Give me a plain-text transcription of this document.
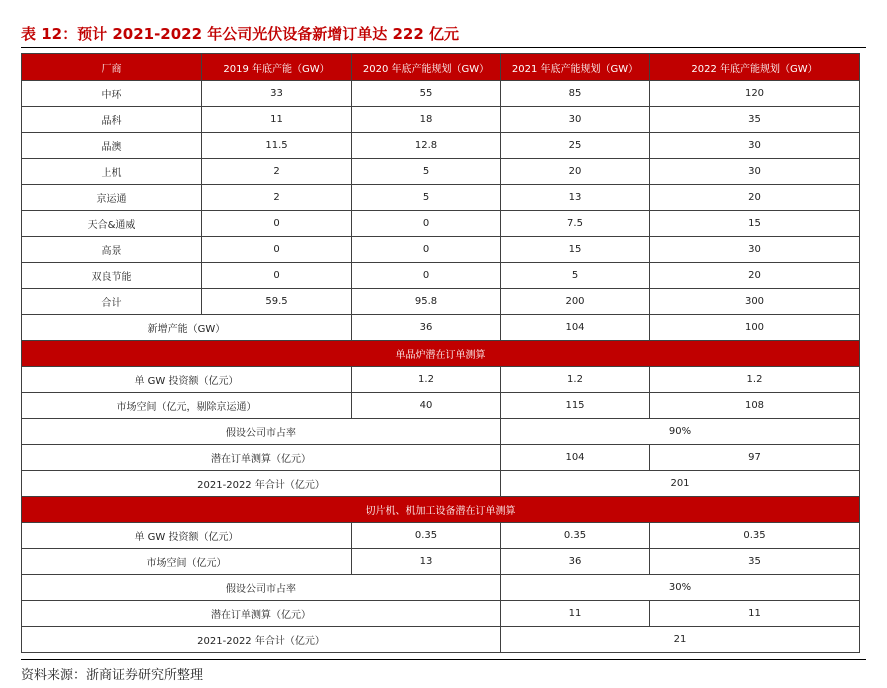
表 12：预计 2021-2022 年公司光伏设备新增订单达 222 亿元
厂商	2019 年底产能（GW）	2020 年底产能规划（GW）	2021 年底产能规划（GW）	2022 年底产能规划（GW）
中环	33	55	85	120
晶科	11	18	30	35
晶澳	11.5	12.8	25	30
上机	2	5	20	30
京运通	2	5	13	20
天合&通威	0	0	7.5	15
高景	0	0	15	30
双良节能	0	0	5	20
合计	59.5	95.8	200	300
新增产能（GW）		36	104	100
单晶炉潜在订单测算				
单 GW 投资额（亿元）		1.2	1.2	1.2
市场空间（亿元，剔除京运通）		40	115	108
假设公司市占率			90%	
潜在订单测算（亿元）			104	97
2021-2022 年合计（亿元）			201	
切片机、机加工设备潜在订单测算				
单 GW 投资额（亿元）		0.35	0.35	0.35
市场空间（亿元）		13	36	35
假设公司市占率			30%	
潜在订单测算（亿元）			11	11
2021-2022 年合计（亿元）			21	
资料来源：浙商证券研究所整理
